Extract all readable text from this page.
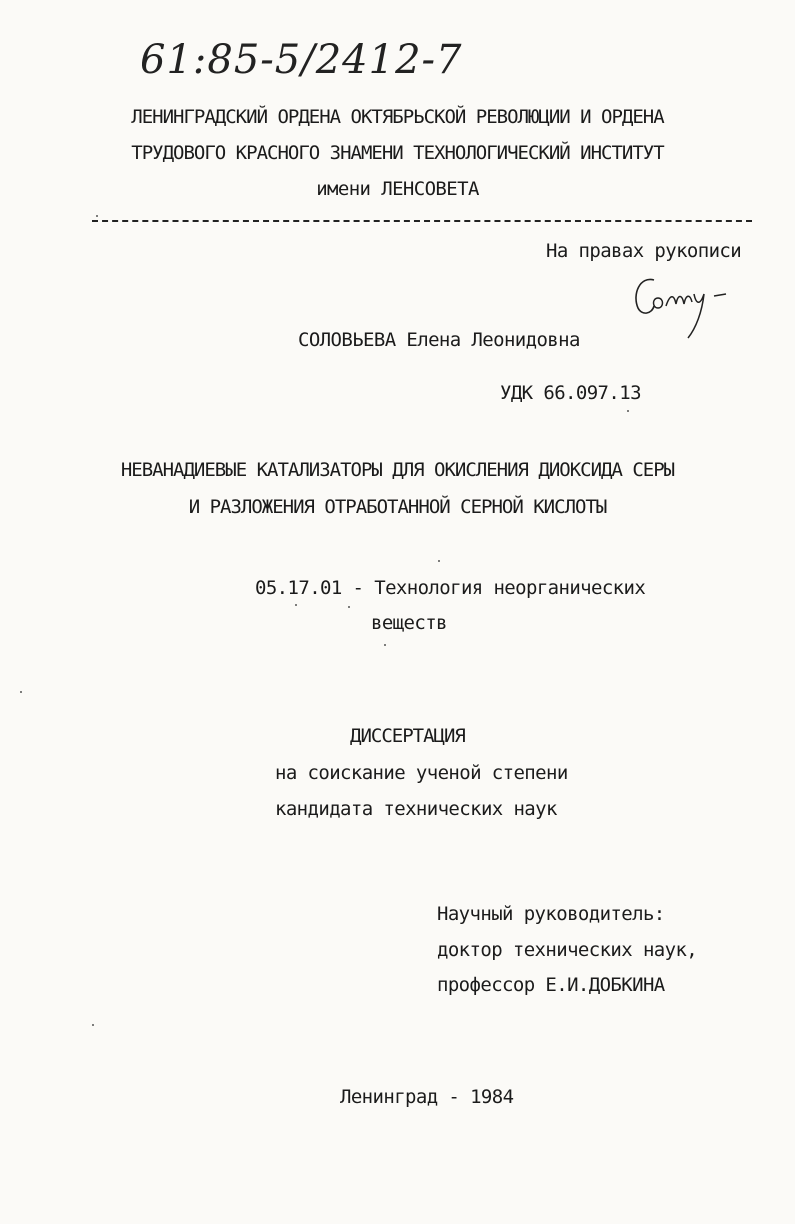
61:85-5/2412-7
ЛЕНИНГРАДСКИЙ ОРДЕНА ОКТЯБРЬСКОЙ РЕВОЛЮЦИИ И ОРДЕНА
ТРУДОВОГО КРАСНОГО ЗНАМЕНИ ТЕХНОЛОГИЧЕСКИЙ ИНСТИТУТ
имени ЛЕНСОВЕТА
На правах рукописи
СОЛОВЬЕВА Елена Леонидовна
УДК 66.097.13
НЕВАНАДИЕВЫЕ КАТАЛИЗАТОРЫ ДЛЯ ОКИСЛЕНИЯ ДИОКСИДА СЕРЫ
И РАЗЛОЖЕНИЯ ОТРАБОТАННОЙ СЕРНОЙ КИСЛОТЫ
05.17.01 - Технология неорганических
веществ
ДИССЕРТАЦИЯ
на соискание ученой степени
кандидата технических наук
Научный руководитель:
доктор технических наук,
профессор Е.И.ДОБКИНА
Ленинград - 1984
